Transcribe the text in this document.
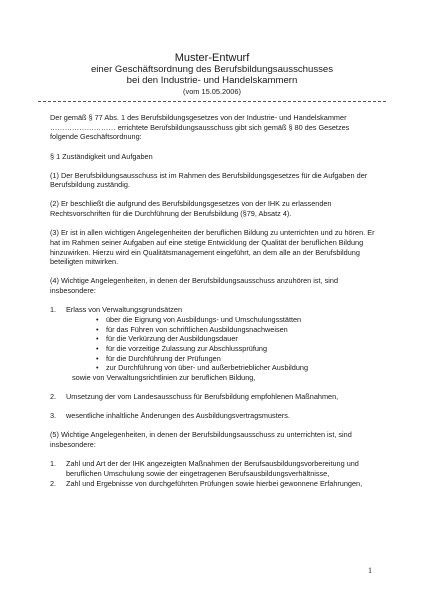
Muster-Entwurf
einer Geschäftsordnung des Berufsbildungsausschusses
bei den Industrie- und Handelskammern
(vom 15.05.2006)

Der gemäß § 77 Abs. 1 des Berufsbildungsgesetzes von der Industrie- und Handelskammer ……………………… errichtete Berufsbildungsausschuss gibt sich gemäß § 80 des Gesetzes folgende Geschäftsordnung:

§ 1 Zuständigkeit und Aufgaben

(1) Der Berufsbildungsausschuss ist im Rahmen des Berufsbildungsgesetzes für die Aufgaben der Berufsbildung zuständig.

(2) Er beschließt die aufgrund des Berufsbildungsgesetzes von der IHK zu erlassenden Rechtsvorschriften für die Durchführung der Berufsbildung (§79, Absatz 4).

(3) Er ist in allen wichtigen Angelegenheiten der beruflichen Bildung zu unterrichten und zu hören. Er hat im Rahmen seiner Aufgaben auf eine stetige Entwicklung der Qualität der beruflichen Bildung hinzuwirken. Hierzu wird ein Qualitätsmanagement eingeführt, an dem alle an der Berufsbildung beteiligten mitwirken.

(4) Wichtige Angelegenheiten, in denen der Berufsbildungsausschuss anzuhören ist, sind insbesondere:

1. Erlass von Verwaltungsgrundsätzen
• über die Eignung von Ausbildungs- und Umschulungsstätten
• für das Führen von schriftlichen Ausbildungsnachweisen
• für die Verkürzung der Ausbildungsdauer
• für die vorzeitige Zulassung zur Abschlussprüfung
• für die Durchführung der Prüfungen
• zur Durchführung von über- und außerbetrieblicher Ausbildung
sowie von Verwaltungsrichtlinien zur beruflichen Bildung,
2. Umsetzung der vom Landesausschuss für Berufsbildung empfohlenen Maßnahmen,
3. wesentliche inhaltliche Änderungen des Ausbildungsvertragsmusters.

(5) Wichtige Angelegenheiten, in denen der Berufsbildungsausschuss zu unterrichten ist, sind insbesondere:

1. Zahl und Art der der IHK angezeigten Maßnahmen der Berufsausbildungsvorbereitung und beruflichen Umschulung sowie der eingetragenen Berufsausbildungsverhältnisse,
2. Zahl und Ergebnisse von durchgeführten Prüfungen sowie hierbei gewonnene Erfahrungen,
1
